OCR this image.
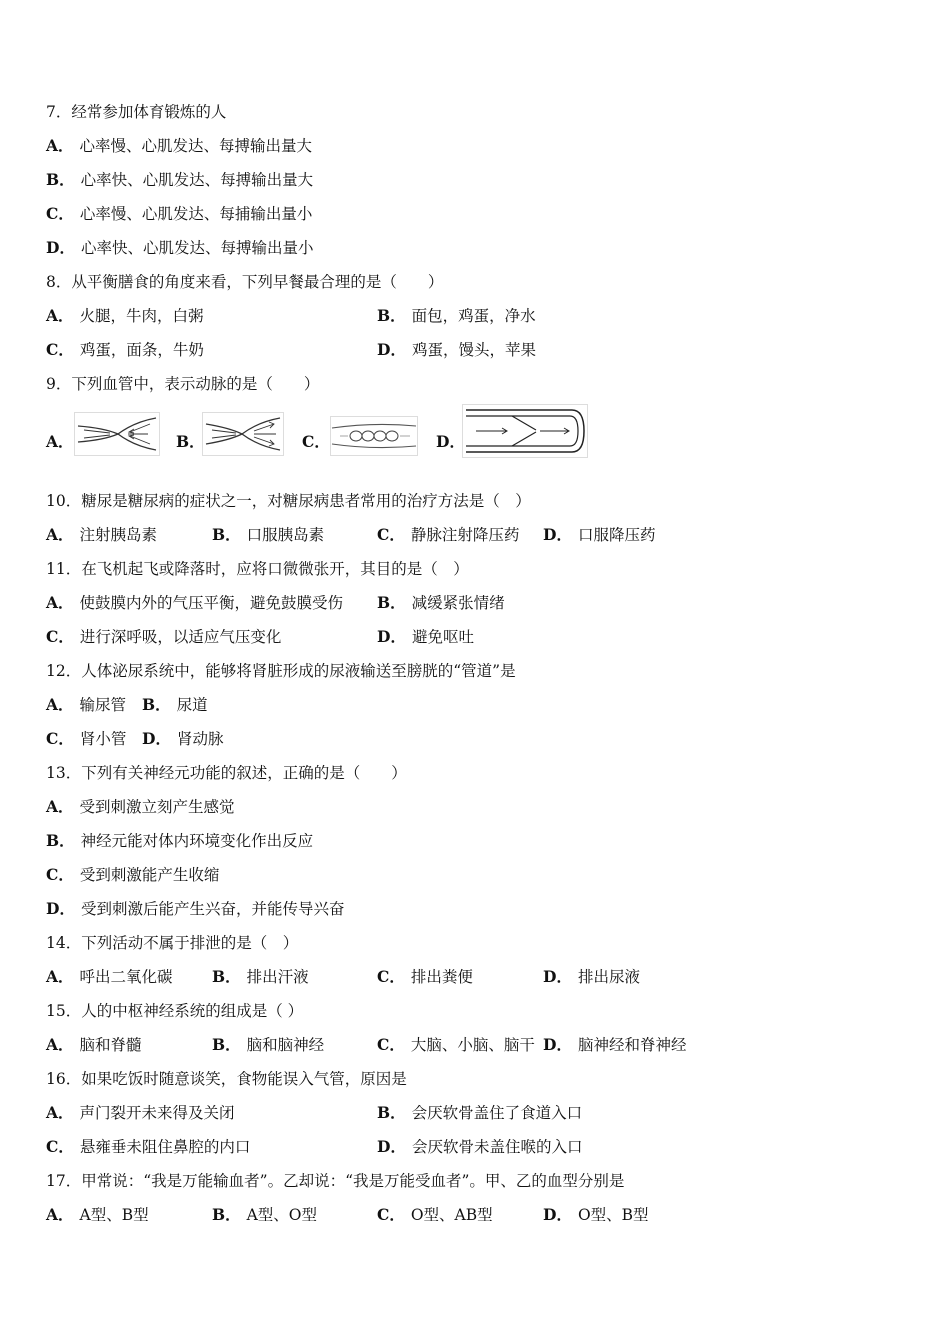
7．经常参加体育锻炼的人
A． 心率慢、心肌发达、每搏输出量大
B． 心率快、心肌发达、每搏输出量大
C． 心率慢、心肌发达、每捕输出量小
D． 心率快、心肌发达、每搏输出量小
8．从平衡膳食的角度来看，下列早餐最合理的是（　　）
A． 火腿，牛肉，白粥	B． 面包，鸡蛋，净水
C． 鸡蛋，面条，牛奶	D． 鸡蛋，馒头，苹果
9．下列血管中，表示动脉的是（　　）
A．	B．	C．	D．
10．糖尿是糖尿病的症状之一，对糖尿病患者常用的治疗方法是（　）
A． 注射胰岛素	B． 口服胰岛素	C． 静脉注射降压药 D． 口服降压药
11．在飞机起飞或降落时，应将口微微张开，其目的是（　）
A． 使鼓膜内外的气压平衡，避免鼓膜受伤 B． 减缓紧张情绪
C． 进行深呼吸，以适应气压变化	D． 避免呕吐
12．人体泌尿系统中，能够将肾脏形成的尿液输送至膀胱的“管道”是
A． 输尿管 B． 尿道
C． 肾小管 D． 肾动脉
13．下列有关神经元功能的叙述，正确的是（　　）
A． 受到刺激立刻产生感觉
B． 神经元能对体内环境变化作出反应
C． 受到刺激能产生收缩
D． 受到刺激后能产生兴奋，并能传导兴奋
14．下列活动不属于排泄的是（　）
A． 呼出二氧化碳	B． 排出汗液	C． 排出粪便	D． 排出尿液
15．人的中枢神经系统的组成是（ ）
A． 脑和脊髓	B． 脑和脑神经	C． 大脑、小脑、脑干 D． 脑神经和脊神经
16．如果吃饭时随意谈笑，食物能误入气管，原因是
A． 声门裂开未来得及关闭	B． 会厌软骨盖住了食道入口
C． 悬雍垂未阻住鼻腔的内口	D． 会厌软骨未盖住喉的入口
17．甲常说：“我是万能输血者”。乙却说：“我是万能受血者”。甲、乙的血型分别是
A． A型、B型	B． A型、O型	C． O型、AB型	D． O型、B型
